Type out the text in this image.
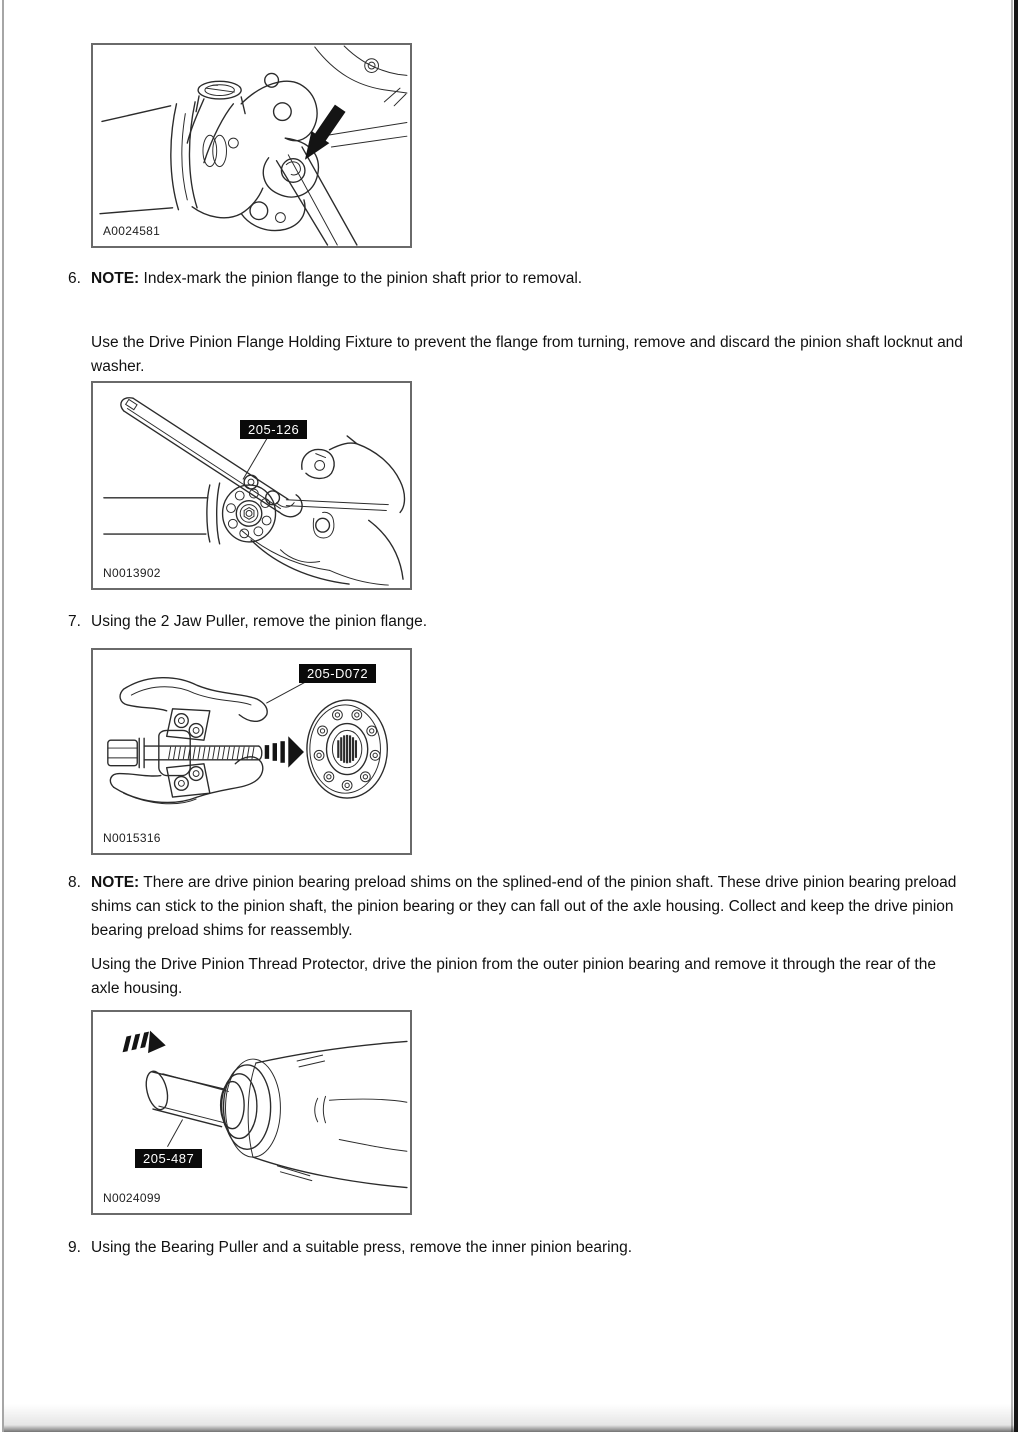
A0024581
6. NOTE: Index-mark the pinion flange to the pinion shaft prior to removal.

Use the Drive Pinion Flange Holding Fixture to prevent the flange from turning, remove and discard the pinion shaft locknut and washer.

205-126
N0013902
7. Using the 2 Jaw Puller, remove the pinion flange.
205-D072
N0015316
8. NOTE: There are drive pinion bearing preload shims on the splined-end of the pinion shaft. These drive pinion bearing preload shims can stick to the pinion shaft, the pinion bearing or they can fall out of the axle housing. Collect and keep the drive pinion bearing preload shims for reassembly.

Using the Drive Pinion Thread Protector, drive the pinion from the outer pinion bearing and remove it through the rear of the axle housing.

205-487
N0024099
9. Using the Bearing Puller and a suitable press, remove the inner pinion bearing.
